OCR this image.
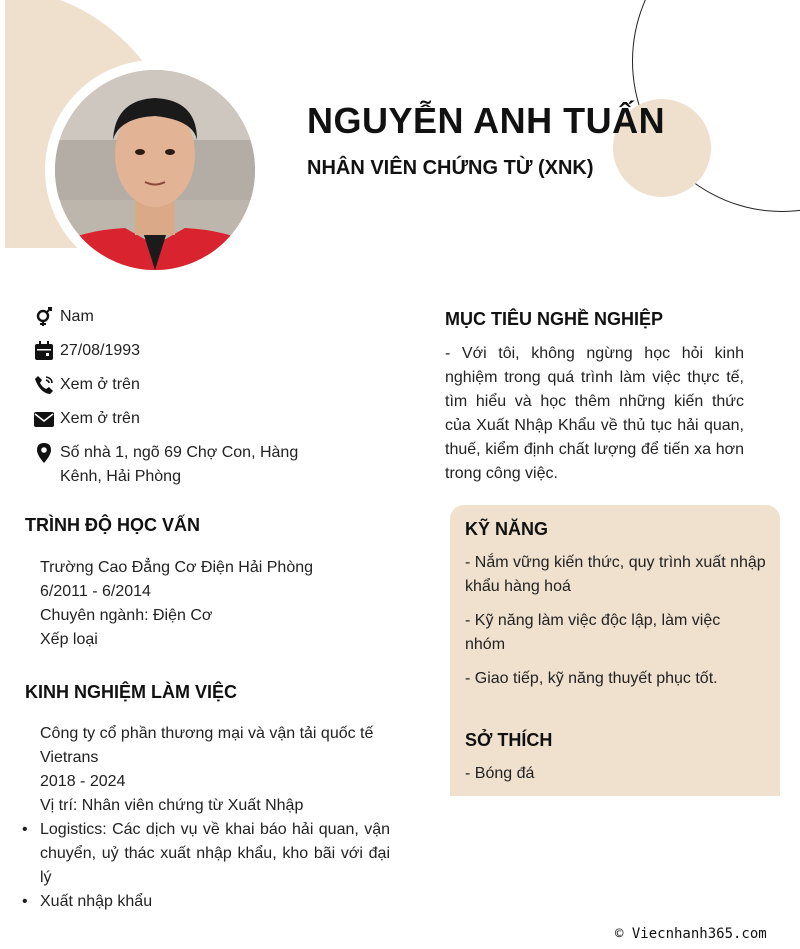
NGUYỄN ANH TUẤN
NHÂN VIÊN CHỨNG TỪ (XNK)
Nam
27/08/1993
Xem ở trên
Xem ở trên
Số nhà 1, ngõ 69 Chợ Con, Hàng Kênh, Hải Phòng
TRÌNH ĐỘ HỌC VẤN
Trường Cao Đẳng Cơ Điện Hải Phòng
6/2011 - 6/2014
Chuyên ngành: Điện Cơ
Xếp loại
KINH NGHIỆM LÀM VIỆC
Công ty cổ phần thương mại và vận tải quốc tế Vietrans
2018 - 2024
Vị trí: Nhân viên chứng từ Xuất Nhập
• Logistics: Các dịch vụ về khai báo hải quan, vận chuyển, uỷ thác xuất nhập khẩu, kho bãi với đại lý
• Xuất nhập khẩu
MỤC TIÊU NGHỀ NGHIỆP
- Với tôi, không ngừng học hỏi kinh nghiệm trong quá trình làm việc thực tế, tìm hiểu và học thêm những kiến thức của Xuất Nhập Khẩu về thủ tục hải quan, thuế, kiểm định chất lượng để tiến xa hơn trong công việc.
KỸ NĂNG

- Nắm vững kiến thức, quy trình xuất nhập khẩu hàng hoá

- Kỹ năng làm việc độc lập, làm việc nhóm

- Giao tiếp, kỹ năng thuyết phục tốt.

SỞ THÍCH
- Bóng đá
© Viecnhanh365.com
